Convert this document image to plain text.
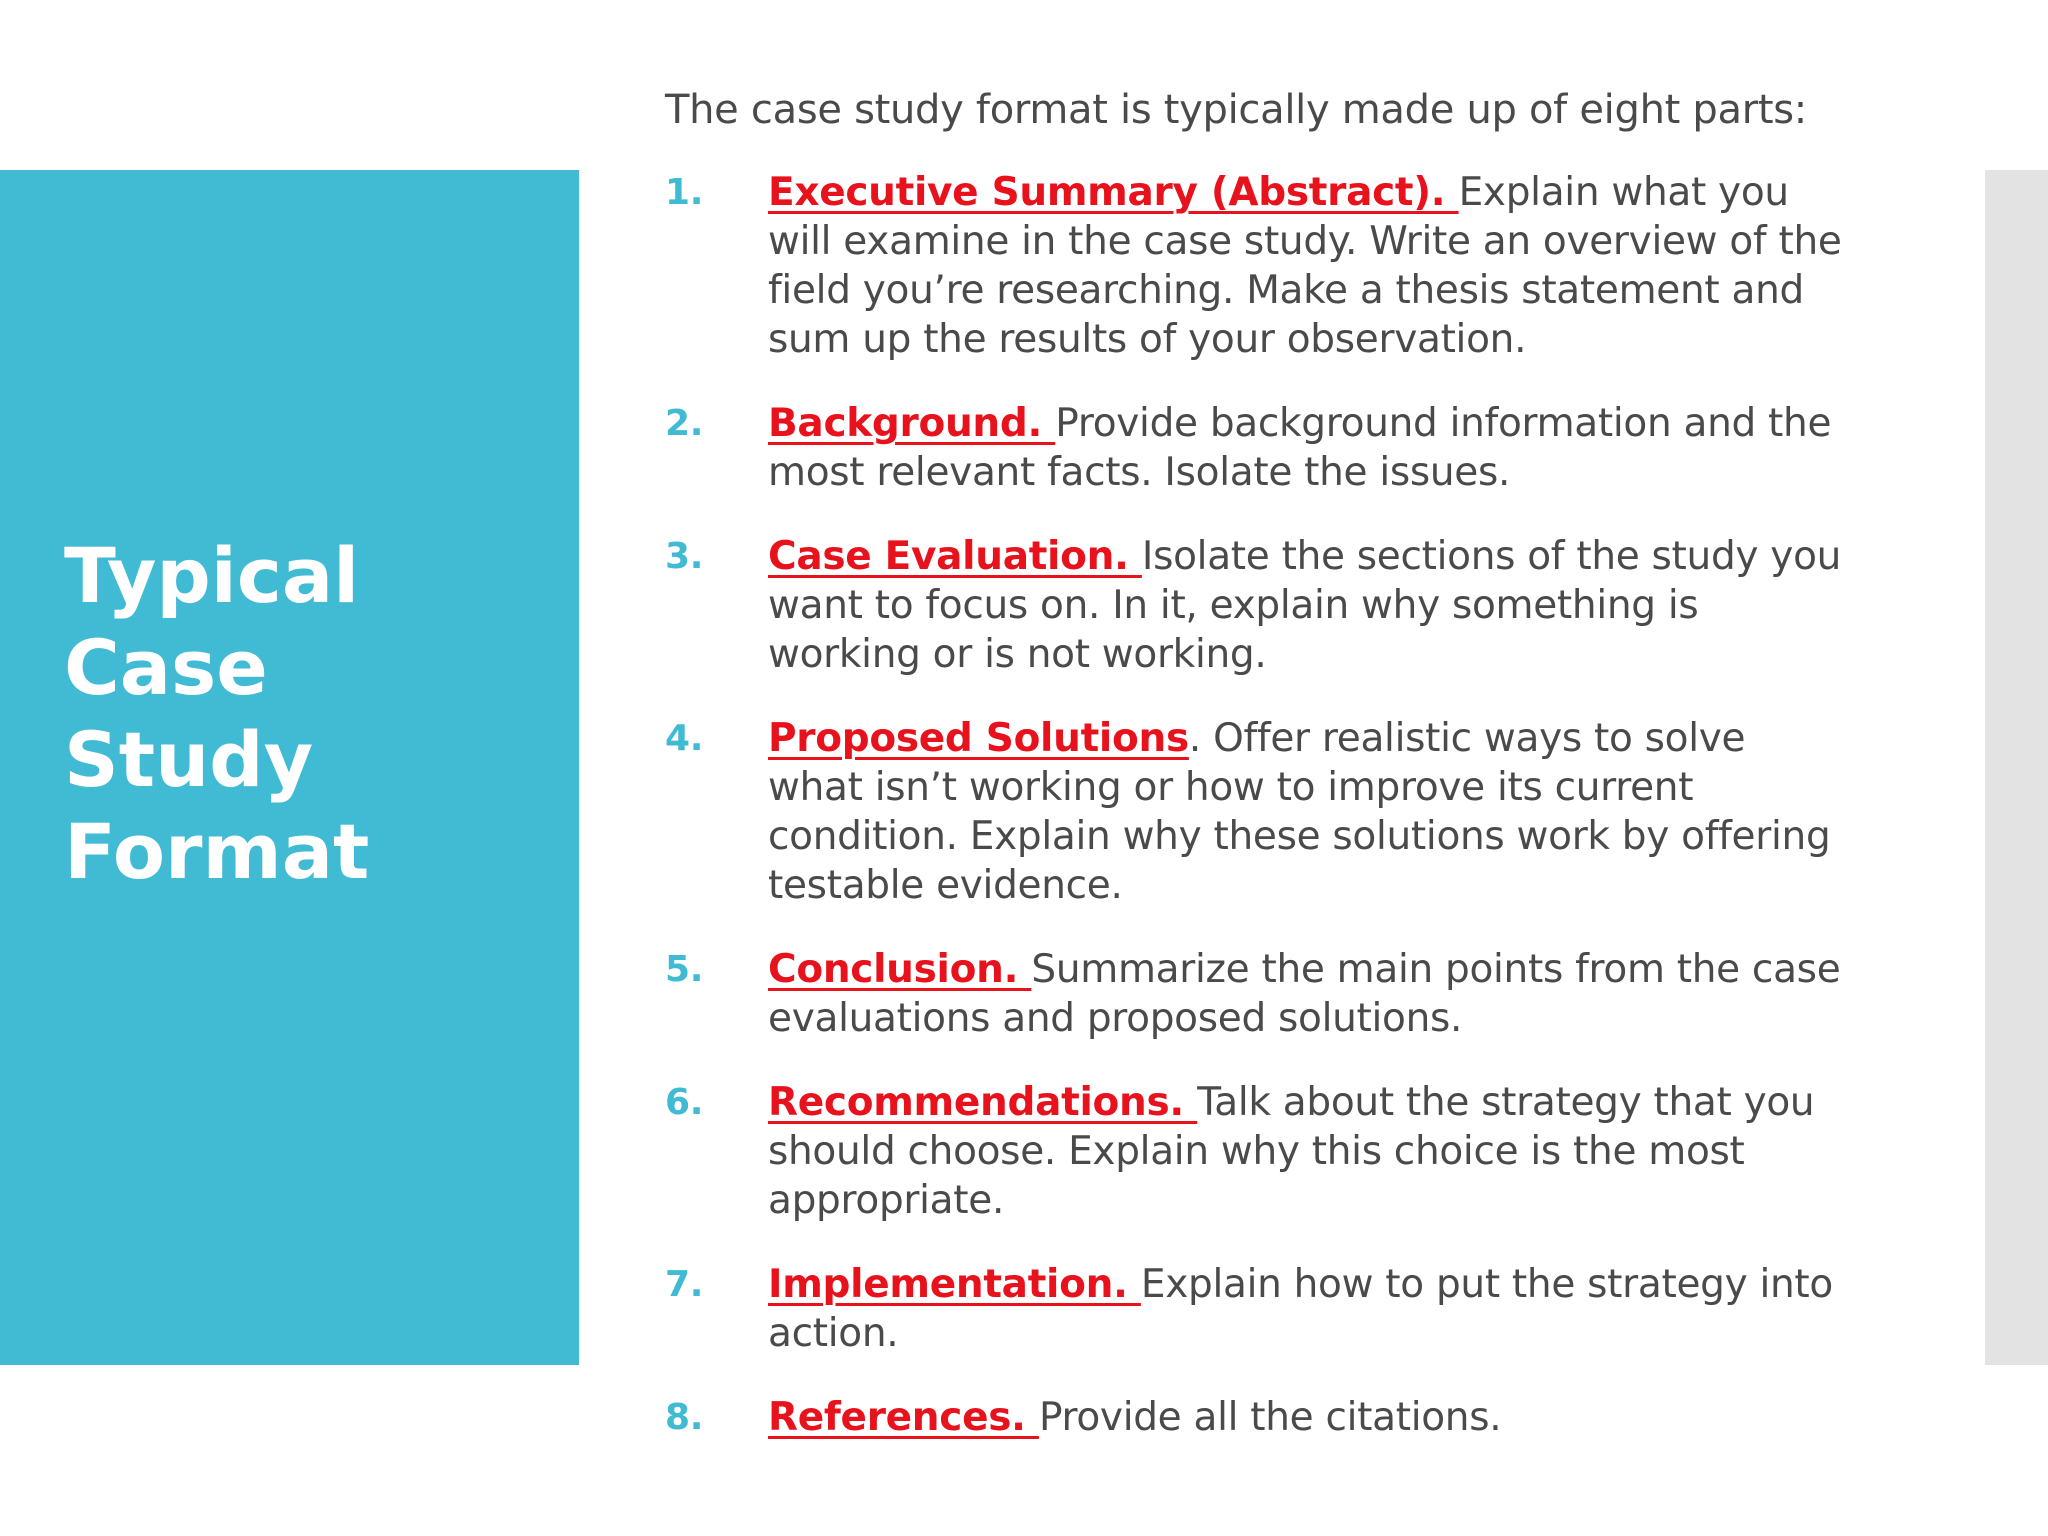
Typical
Case
Study
Format

The case study format is typically made up of eight parts:

1.	Executive Summary (Abstract). Explain what you will examine in the case study. Write an overview of the field you’re researching. Make a thesis statement and sum up the results of your observation.
2.	Background. Provide background information and the most relevant facts. Isolate the issues.
3.	Case Evaluation. Isolate the sections of the study you want to focus on. In it, explain why something is working or is not working.
4.	Proposed Solutions. Offer realistic ways to solve what isn’t working or how to improve its current condition. Explain why these solutions work by offering testable evidence.
5.	Conclusion. Summarize the main points from the case evaluations and proposed solutions.
6.	Recommendations. Talk about the strategy that you should choose. Explain why this choice is the most appropriate.
7.	Implementation. Explain how to put the strategy into action.
8.	References. Provide all the citations.
